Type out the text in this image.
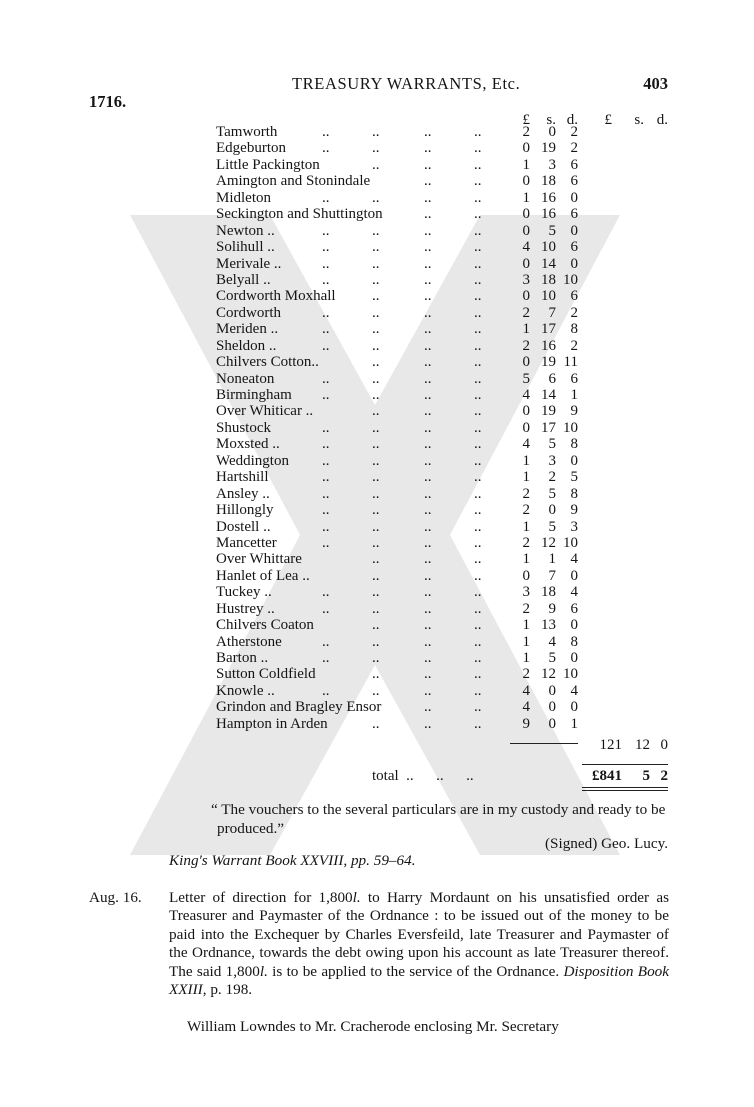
TREASURY WARRANTS, Etc.	403
1716.
£	s. d.	£	s. d.
..
..
..
..
Tamworth	2	0 2
..
..
..
..
Edgeburton	0 19 2
..
..
..
Little Packington	1	3 6
..
..
Amington and Stonindale	0 18 6
..
..
..
..
Midleton	1 16 0
..
..
Seckington and Shuttington	0 16 6
..
..
..
..
Newton ..	0	5 0
..
..
..
..
Solihull ..	4 10 6
..
..
..
..
Merivale ..	0 14 0
..
..
..
..
Belyall ..	3 18 10
..
..
..
Cordworth Moxhall	0 10 6
..
..
..
..
Cordworth	2	7 2
..
..
..
..
Meriden ..	1 17 8
..
..
..
..
Sheldon ..	2 16 2
..
..
..
Chilvers Cotton..	0 19 11
..
..
..
..
Noneaton	5	6 6
..
..
..
..
Birmingham	4 14 1
..
..
..
Over Whiticar ..	0 19 9
..
..
..
..
Shustock	0 17 10
..
..
..
..
Moxsted ..	4	5 8
..
..
..
..
Weddington	1	3 0
..
..
..
..
Hartshill	1	2 5
..
..
..
..
Ansley ..	2	5 8
..
..
..
..
Hillongly	2	0 9
..
..
..
..
Dostell ..	1	5 3
..
..
..
..
Mancetter	2 12 10
..
..
..
Over Whittare	1	1 4
..
..
..
Hanlet of Lea ..	0	7 0
..
..
..
..
Tuckey ..	3 18 4
..
..
..
..
Hustrey ..	2	9 6
..
..
..
Chilvers Coaton	1 13 0
..
..
..
..
Atherstone	1	4 8
..
..
..
..
Barton ..	1	5 0
..
..
..
Sutton Coldfield	2 12 10
..
..
..
..
Knowle ..	4	0 4
..
..
Grindon and Bragley Ensor	4	0 0
..
..
..
Hampton in Arden	9	0 1
121 12 0
total  ..      ..      ..	£841	5 2
“ The vouchers to the several particulars are in my custody and ready to be produced.”
(Signed) Geo. Lucy.
King's Warrant Book XXVIII, pp. 59–64.
Aug. 16. Letter of direction for 1,800l. to Harry Mordaunt on his unsatisfied order as Treasurer and Paymaster of the Ordnance : to be issued out of the money to be paid into the Exchequer by Charles Eversfeild, late Treasurer and Paymaster of the Ordnance, towards the debt owing upon his account as late Treasurer thereof. The said 1,800l. is to be applied to the service of the Ordnance. Disposition Book XXIII, p. 198.
William Lowndes to Mr. Cracherode enclosing Mr. Secretary
